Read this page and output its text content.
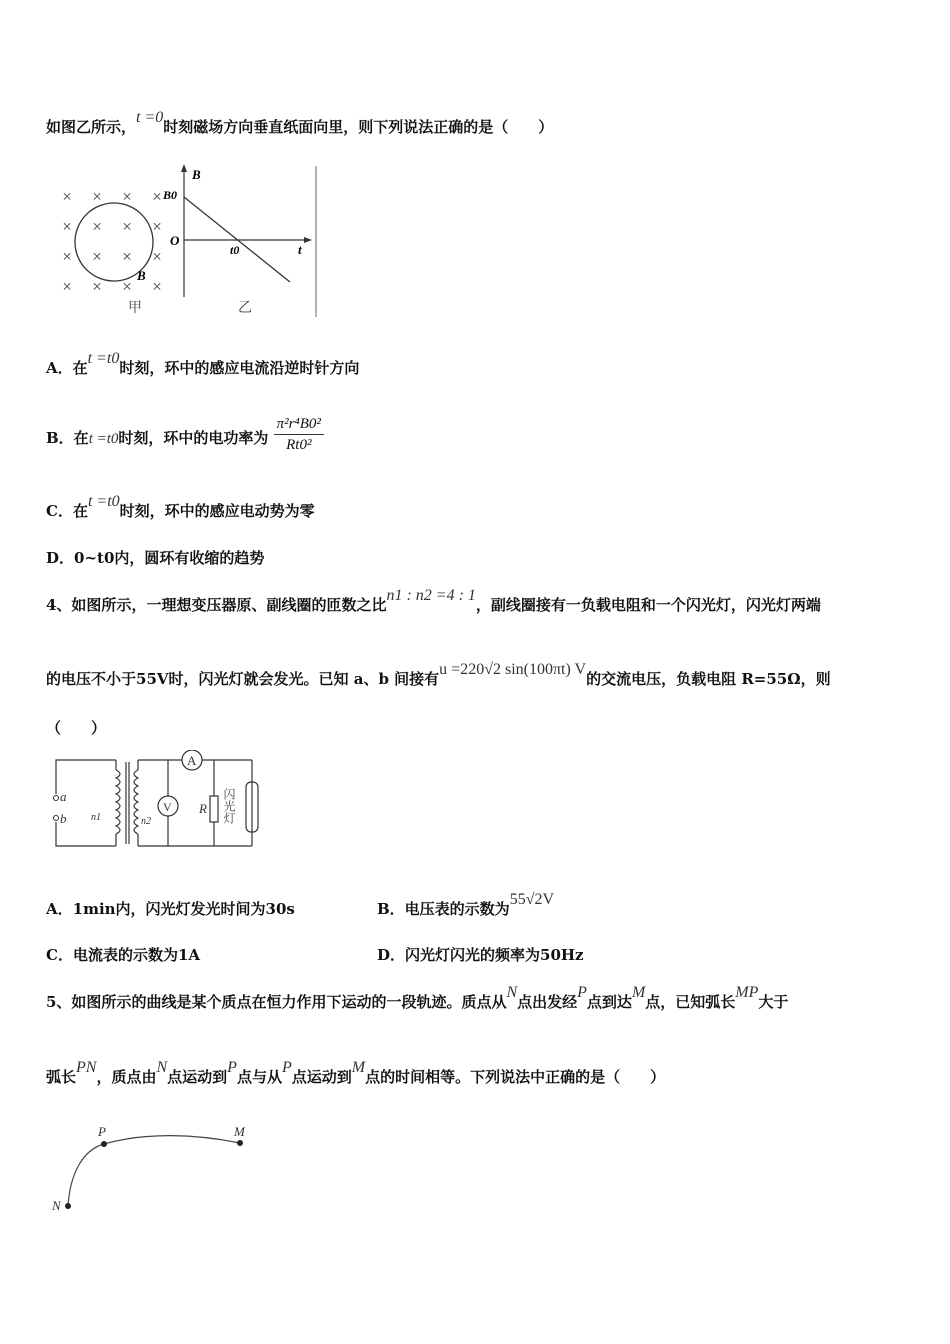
如图乙所示，t =0时刻磁场方向垂直纸面向里，则下列说法正确的是（　　）
× × × ×
× × × ×
× × × ×
× × × ×
B
甲
B
B0
O
t0	t
乙
A．在t =t0时刻，环中的感应电流沿逆时针方向
B．在t =t0时刻，环中的电功率为 $\frac{\text{π²r⁴B0²}}{\text{Rt0²}}$
C．在t =t0时刻，环中的感应电动势为零
D．0~t0内，圆环有收缩的趋势
4、如图所示，一理想变压器原、副线圈的匝数之比n1 : n2 =4 : 1，副线圈接有一负载电阻和一个闪光灯，闪光灯两端
的电压不小于55V时，闪光灯就会发光。已知 a、b 间接有u =220√2 sin(100πt) V的交流电压，负载电阻 R=55Ω，则
（　　）
A
V
a
b n1	n2
R 闪光灯
A．1min内，闪光灯发光时间为30s	B．电压表的示数为55√2V
C．电流表的示数为1A	D．闪光灯闪光的频率为50Hz
5、如图所示的曲线是某个质点在恒力作用下运动的一段轨迹。质点从N点出发经P点到达M点，已知弧长MP大于
弧长PN，质点由N点运动到P点与从P点运动到M点的时间相等。下列说法中正确的是（　　）
P	M
N
